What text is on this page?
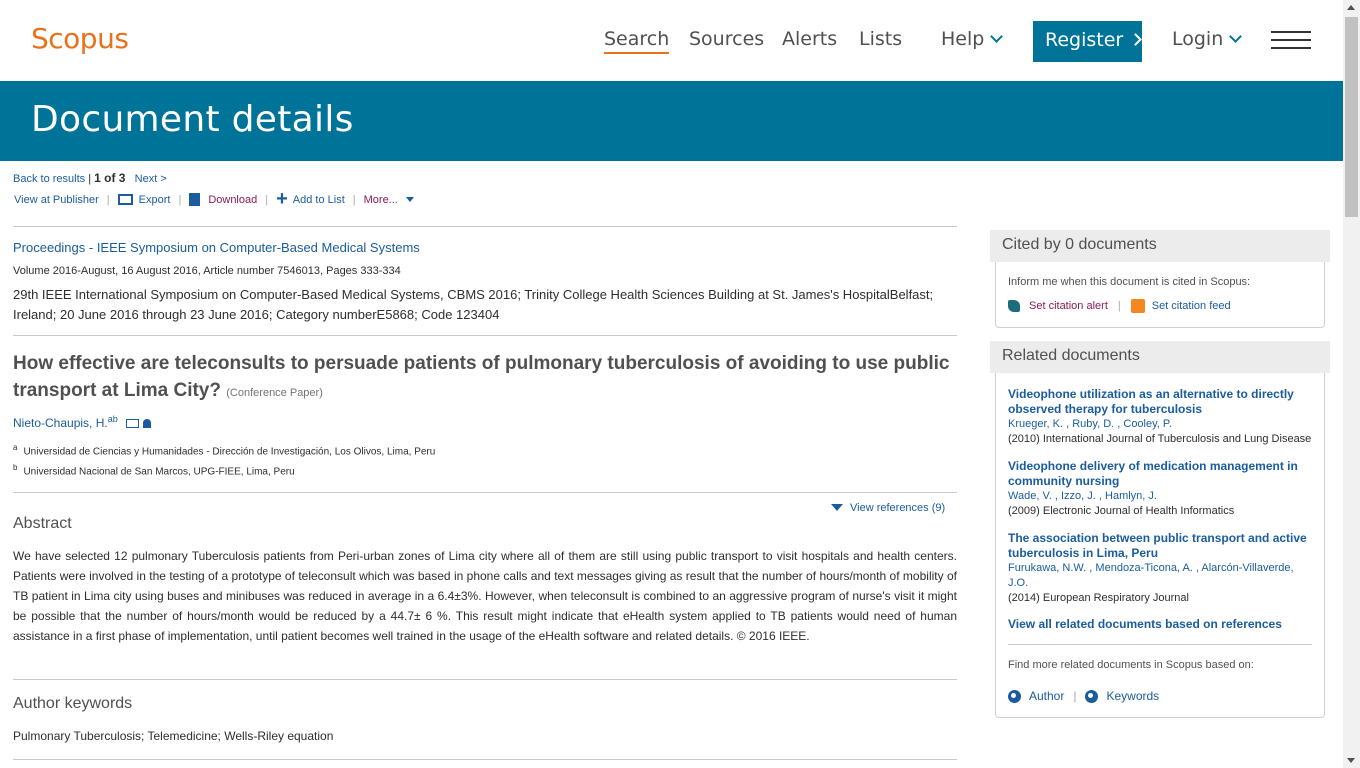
Scopus	Search Sources Alerts Lists Help	Register	Login
Document details
Back to results | 1 of 3 Next >
View at Publisher |	Export | Download | + Add to List | More...
Proceedings - IEEE Symposium on Computer-Based Medical Systems
Volume 2016-August, 16 August 2016, Article number 7546013, Pages 333-334
29th IEEE International Symposium on Computer-Based Medical Systems, CBMS 2016; Trinity College Health Sciences Building at St. James's HospitalBelfast; Ireland; 20 June 2016 through 23 June 2016; Category numberE5868; Code 123404
How effective are teleconsults to persuade patients of pulmonary tuberculosis of avoiding to use public transport at Lima City? (Conference Paper)
Nieto-Chaupis, H.$^{ab}$
$^a$ Universidad de Ciencias y Humanidades - Dirección de Investigación, Los Olivos, Lima, Peru
$^b$ Universidad Nacional de San Marcos, UPG-FIEE, Lima, Peru
View references (9)
Abstract
We have selected 12 pulmonary Tuberculosis patients from Peri-urban zones of Lima city where all of them are still using public transport to visit hospitals and health centers. Patients were involved in the testing of a prototype of teleconsult which was based in phone calls and text messages giving as result that the number of hours/month of mobility of TB patient in Lima city using buses and minibuses was reduced in average in a 6.4±3%. However, when teleconsult is combined to an aggressive program of nurse's visit it might be possible that the number of hours/month would be reduced by a 44.7± 6 %. This result might indicate that eHealth system applied to TB patients would need of human assistance in a first phase of implementation, until patient becomes well trained in the usage of the eHealth software and related details. © 2016 IEEE.
Author keywords
Pulmonary Tuberculosis; Telemedicine; Wells-Riley equation
Cited by 0 documents
Inform me when this document is cited in Scopus:
Set citation alert |	Set citation feed
Related documents
Videophone utilization as an alternative to directly observed therapy for tuberculosis
Krueger, K. , Ruby, D. , Cooley, P.
(2010) International Journal of Tuberculosis and Lung Disease
Videophone delivery of medication management in community nursing
Wade, V. , Izzo, J. , Hamlyn, J.
(2009) Electronic Journal of Health Informatics
The association between public transport and active tuberculosis in Lima, Peru
Furukawa, N.W. , Mendoza-Ticona, A. , Alarcón-Villaverde, J.O.
(2014) European Respiratory Journal
View all related documents based on references
Find more related documents in Scopus based on:
Author |	Keywords
